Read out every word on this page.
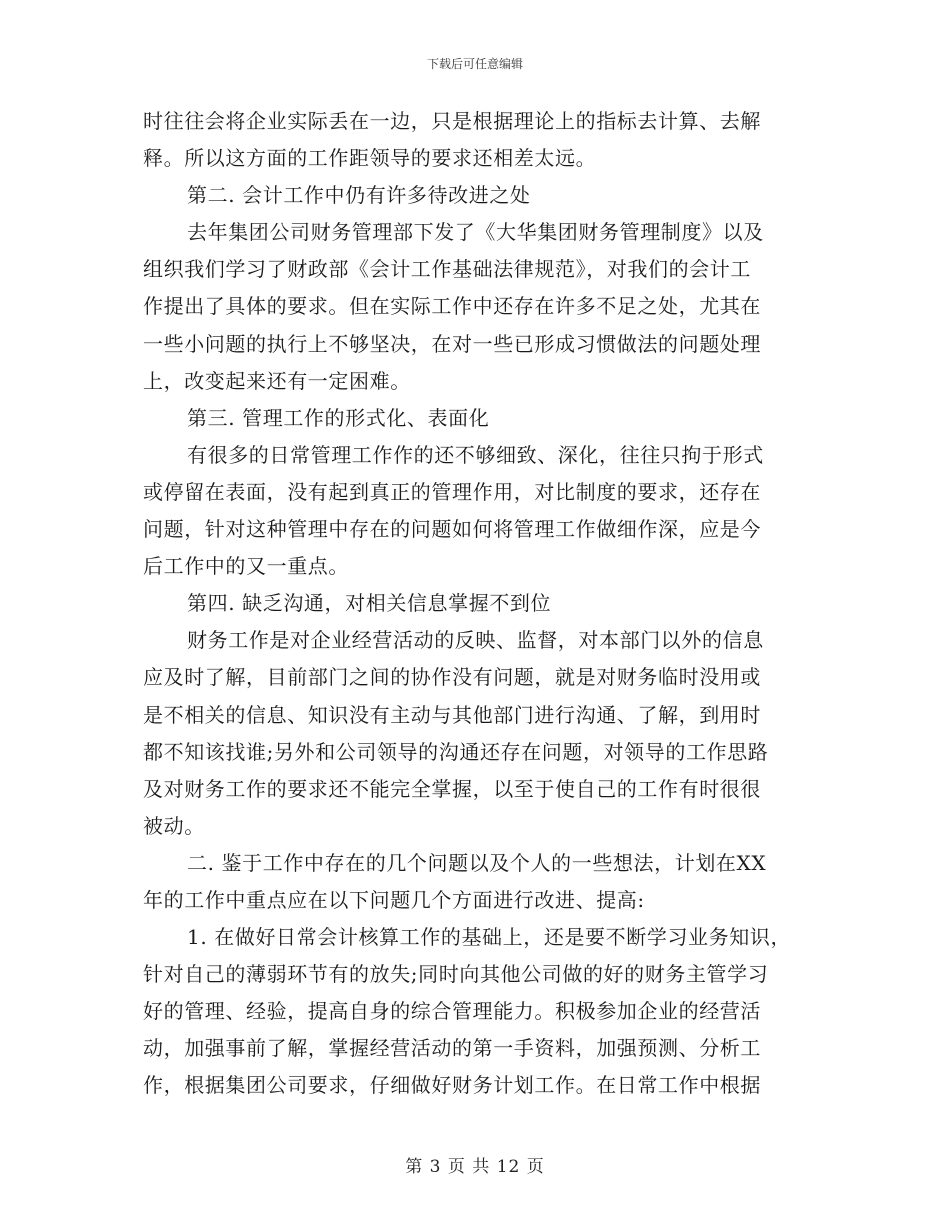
下载后可任意编辑
时往往会将企业实际丢在一边，只是根据理论上的指标去计算、去解
释。所以这方面的工作距领导的要求还相差太远。
第二. 会计工作中仍有许多待改进之处
去年集团公司财务管理部下发了《大华集团财务管理制度》以及
组织我们学习了财政部《会计工作基础法律规范》，对我们的会计工
作提出了具体的要求。但在实际工作中还存在许多不足之处，尤其在
一些小问题的执行上不够坚决，在对一些已形成习惯做法的问题处理
上，改变起来还有一定困难。
第三. 管理工作的形式化、表面化
有很多的日常管理工作作的还不够细致、深化，往往只拘于形式
或停留在表面，没有起到真正的管理作用，对比制度的要求，还存在
问题，针对这种管理中存在的问题如何将管理工作做细作深，应是今
后工作中的又一重点。
第四. 缺乏沟通，对相关信息掌握不到位
财务工作是对企业经营活动的反映、监督，对本部门以外的信息
应及时了解，目前部门之间的协作没有问题，就是对财务临时没用或
是不相关的信息、知识没有主动与其他部门进行沟通、了解，到用时
都不知该找谁;另外和公司领导的沟通还存在问题，对领导的工作思路
及对财务工作的要求还不能完全掌握，以至于使自己的工作有时很很
被动。
二. 鉴于工作中存在的几个问题以及个人的一些想法，计划在XX
年的工作中重点应在以下问题几个方面进行改进、提高:
1. 在做好日常会计核算工作的基础上，还是要不断学习业务知识，
针对自己的薄弱环节有的放失;同时向其他公司做的好的财务主管学习
好的管理、经验，提高自身的综合管理能力。积极参加企业的经营活
动，加强事前了解，掌握经营活动的第一手资料，加强预测、分析工
作，根据集团公司要求，仔细做好财务计划工作。在日常工作中根据
第 3 页 共 12 页
